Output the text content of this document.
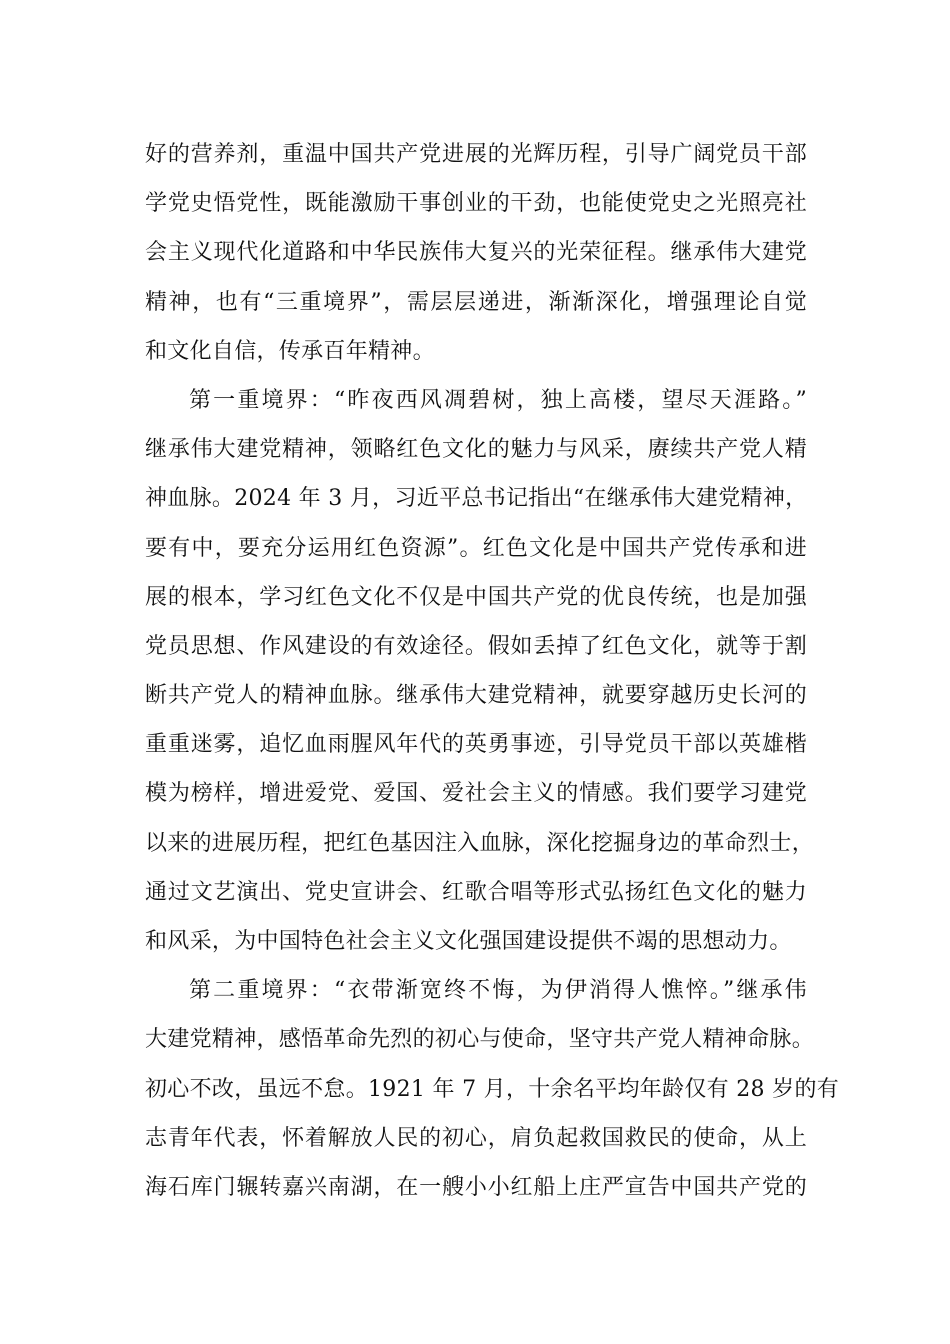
好的营养剂，重温中国共产党进展的光辉历程，引导广阔党员干部
学党史悟党性，既能激励干事创业的干劲，也能使党史之光照亮社
会主义现代化道路和中华民族伟大复兴的光荣征程。继承伟大建党
精神，也有“三重境界”，需层层递进，渐渐深化，增强理论自觉
和文化自信，传承百年精神。
第一重境界：“昨夜西风凋碧树，独上高楼，望尽天涯路。”
继承伟大建党精神，领略红色文化的魅力与风采，赓续共产党人精
神血脉。2024 年 3 月，习近平总书记指出“在继承伟大建党精神，
要有中，要充分运用红色资源”。红色文化是中国共产党传承和进
展的根本，学习红色文化不仅是中国共产党的优良传统，也是加强
党员思想、作风建设的有效途径。假如丢掉了红色文化，就等于割
断共产党人的精神血脉。继承伟大建党精神，就要穿越历史长河的
重重迷雾，追忆血雨腥风年代的英勇事迹，引导党员干部以英雄楷
模为榜样，增进爱党、爱国、爱社会主义的情感。我们要学习建党
以来的进展历程，把红色基因注入血脉，深化挖掘身边的革命烈士，
通过文艺演出、党史宣讲会、红歌合唱等形式弘扬红色文化的魅力
和风采，为中国特色社会主义文化强国建设提供不竭的思想动力。
第二重境界：“衣带渐宽终不悔，为伊消得人憔悴。”继承伟
大建党精神，感悟革命先烈的初心与使命，坚守共产党人精神命脉。
初心不改，虽远不怠。1921 年 7 月，十余名平均年龄仅有 28 岁的有
志青年代表，怀着解放人民的初心，肩负起救国救民的使命，从上
海石库门辗转嘉兴南湖，在一艘小小红船上庄严宣告中国共产党的
